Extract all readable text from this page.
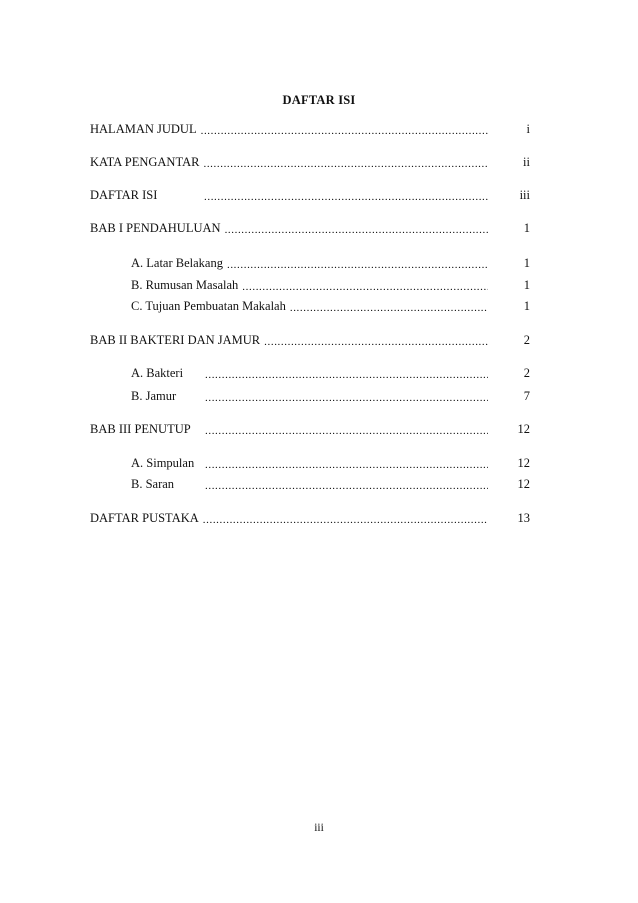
DAFTAR ISI
HALAMAN JUDUL .....	i
KATA PENGANTAR .....	ii
DAFTAR ISI .....	iii
BAB I PENDAHULUAN .....	1
A. Latar Belakang .....	1
B. Rumusan Masalah .....	1
C. Tujuan Pembuatan Makalah .....	1
BAB II BAKTERI DAN JAMUR .....	2
A. Bakteri .....	2
B. Jamur .....	7
BAB III PENUTUP .....	12
A. Simpulan .....	12
B. Saran .....	12
DAFTAR PUSTAKA .....	13
iii
